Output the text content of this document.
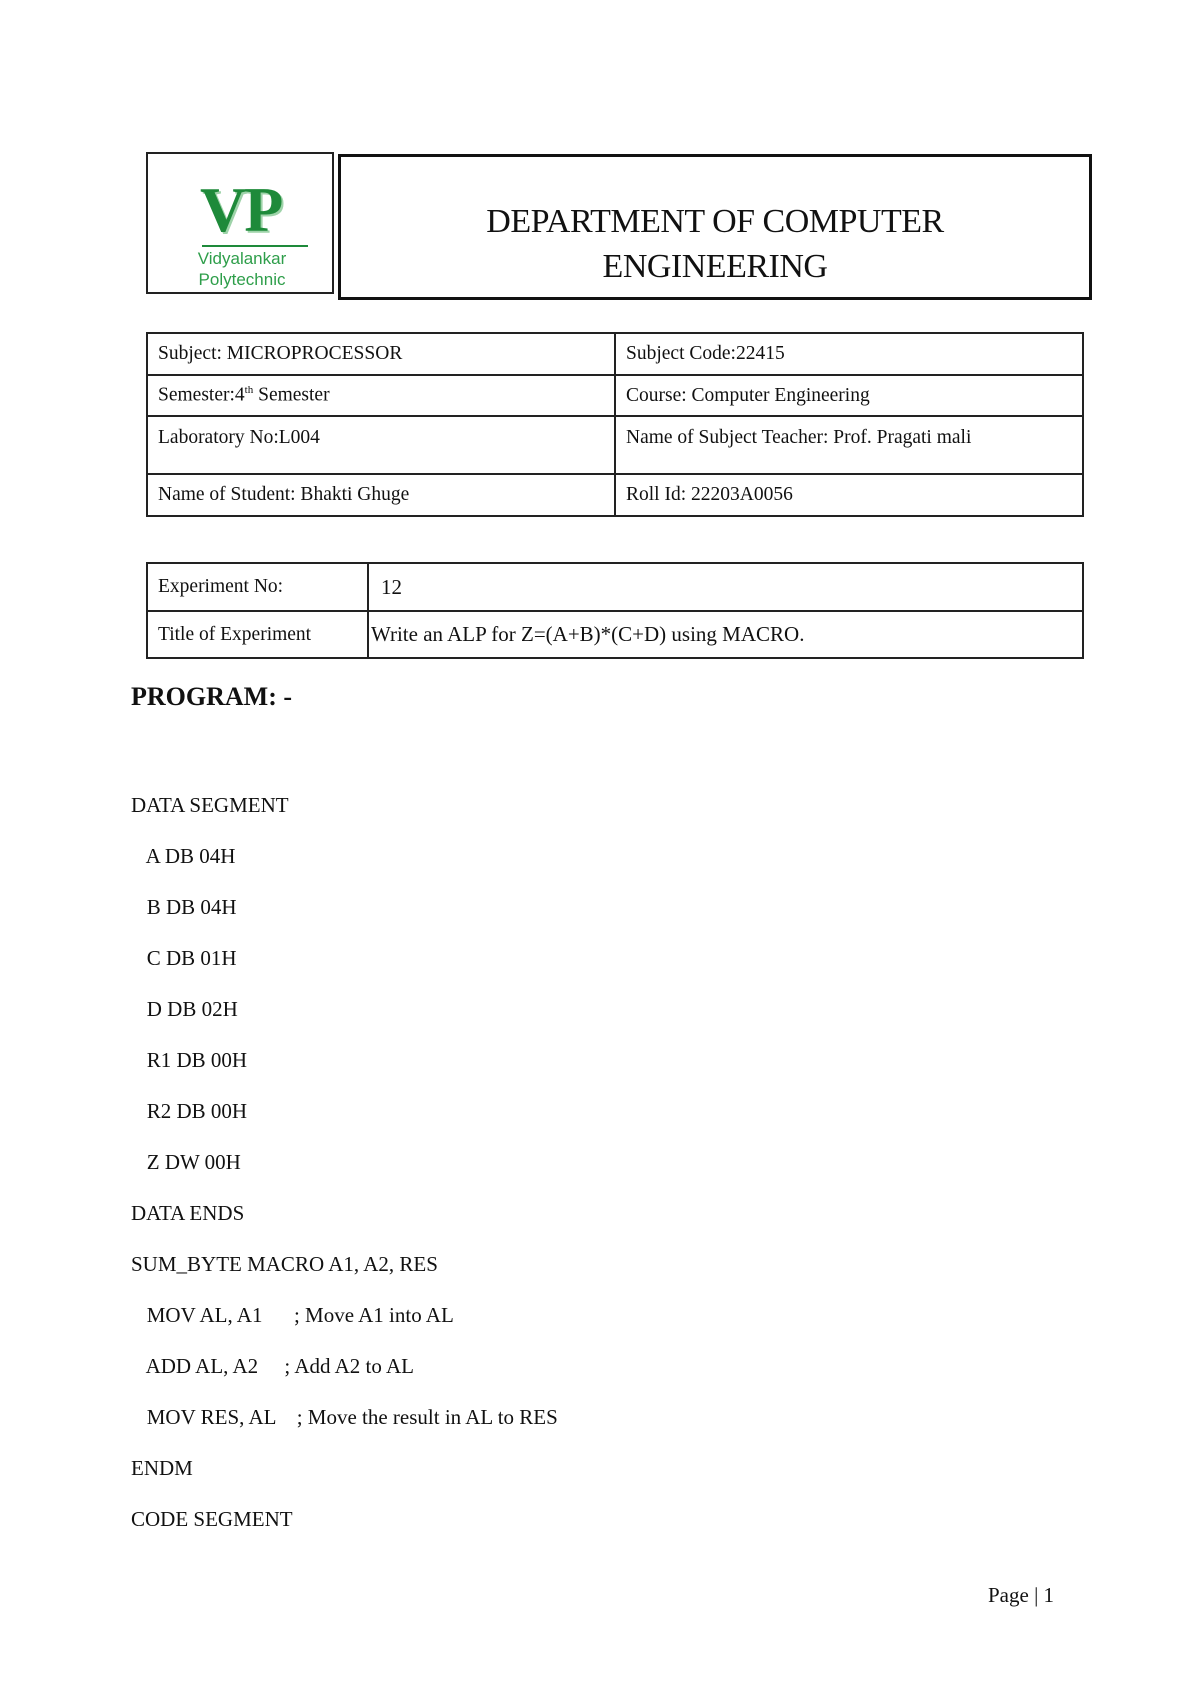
VP
Vidyalankar
Polytechnic
DEPARTMENT OF COMPUTER
ENGINEERING
Subject: MICROPROCESSOR	Subject Code:22415
Semester:4th Semester	Course: Computer Engineering
Laboratory No:L004	Name of Subject Teacher: Prof. Pragati mali
Name of Student: Bhakti Ghuge	Roll Id: 22203A0056
Experiment No:	12
Title of Experiment	Write an ALP for Z=(A+B)*(C+D) using MACRO.
PROGRAM: -
DATA SEGMENT
A DB 04H
B DB 04H
C DB 01H
D DB 02H
R1 DB 00H
R2 DB 00H
Z DW 00H
DATA ENDS
SUM_BYTE MACRO A1, A2, RES
MOV AL, A1      ; Move A1 into AL
ADD AL, A2     ; Add A2 to AL
MOV RES, AL    ; Move the result in AL to RES
ENDM
CODE SEGMENT
Page | 1
